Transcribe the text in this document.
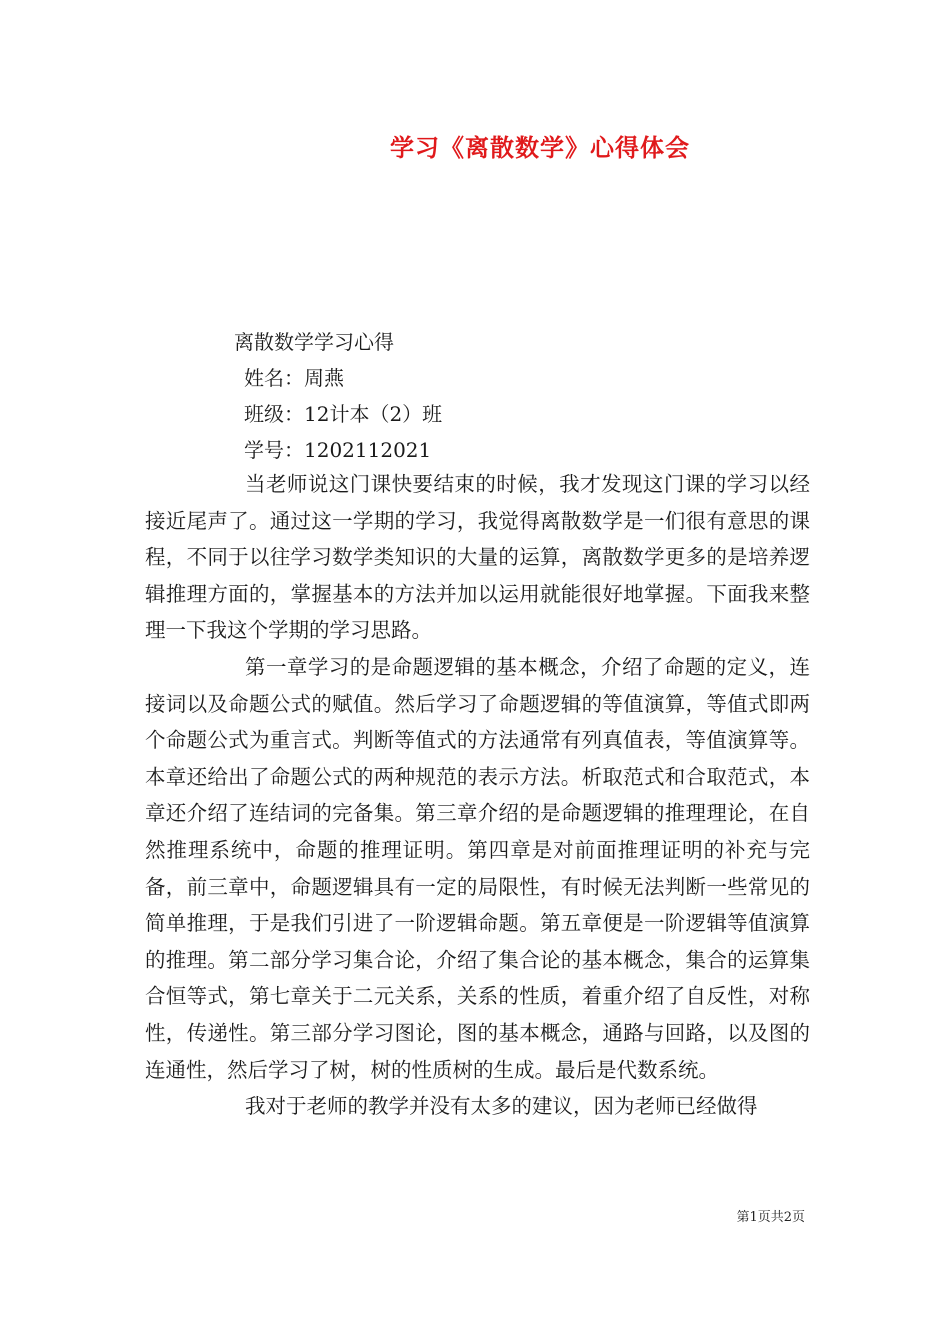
学习《离散数学》心得体会
离散数学学习心得
姓名：周燕
班级：12计本（2）班
学号：1202112021

当老师说这门课快要结束的时候，我才发现这门课的学习以经接近尾声了。通过这一学期的学习，我觉得离散数学是一们很有意思的课程，不同于以往学习数学类知识的大量的运算，离散数学更多的是培养逻辑推理方面的，掌握基本的方法并加以运用就能很好地掌握。下面我来整理一下我这个学期的学习思路。

第一章学习的是命题逻辑的基本概念，介绍了命题的定义，连接词以及命题公式的赋值。然后学习了命题逻辑的等值演算，等值式即两个命题公式为重言式。判断等值式的方法通常有列真值表，等值演算等。本章还给出了命题公式的两种规范的表示方法。析取范式和合取范式，本章还介绍了连结词的完备集。第三章介绍的是命题逻辑的推理理论，在自然推理系统中，命题的推理证明。第四章是对前面推理证明的补充与完备，前三章中，命题逻辑具有一定的局限性，有时候无法判断一些常见的简单推理，于是我们引进了一阶逻辑命题。第五章便是一阶逻辑等值演算的推理。第二部分学习集合论，介绍了集合论的基本概念，集合的运算集合恒等式，第七章关于二元关系，关系的性质，着重介绍了自反性，对称性，传递性。第三部分学习图论，图的基本概念，通路与回路，以及图的连通性，然后学习了树，树的性质树的生成。最后是代数系统。

我对于老师的教学并没有太多的建议，因为老师已经做得

第1页共2页
